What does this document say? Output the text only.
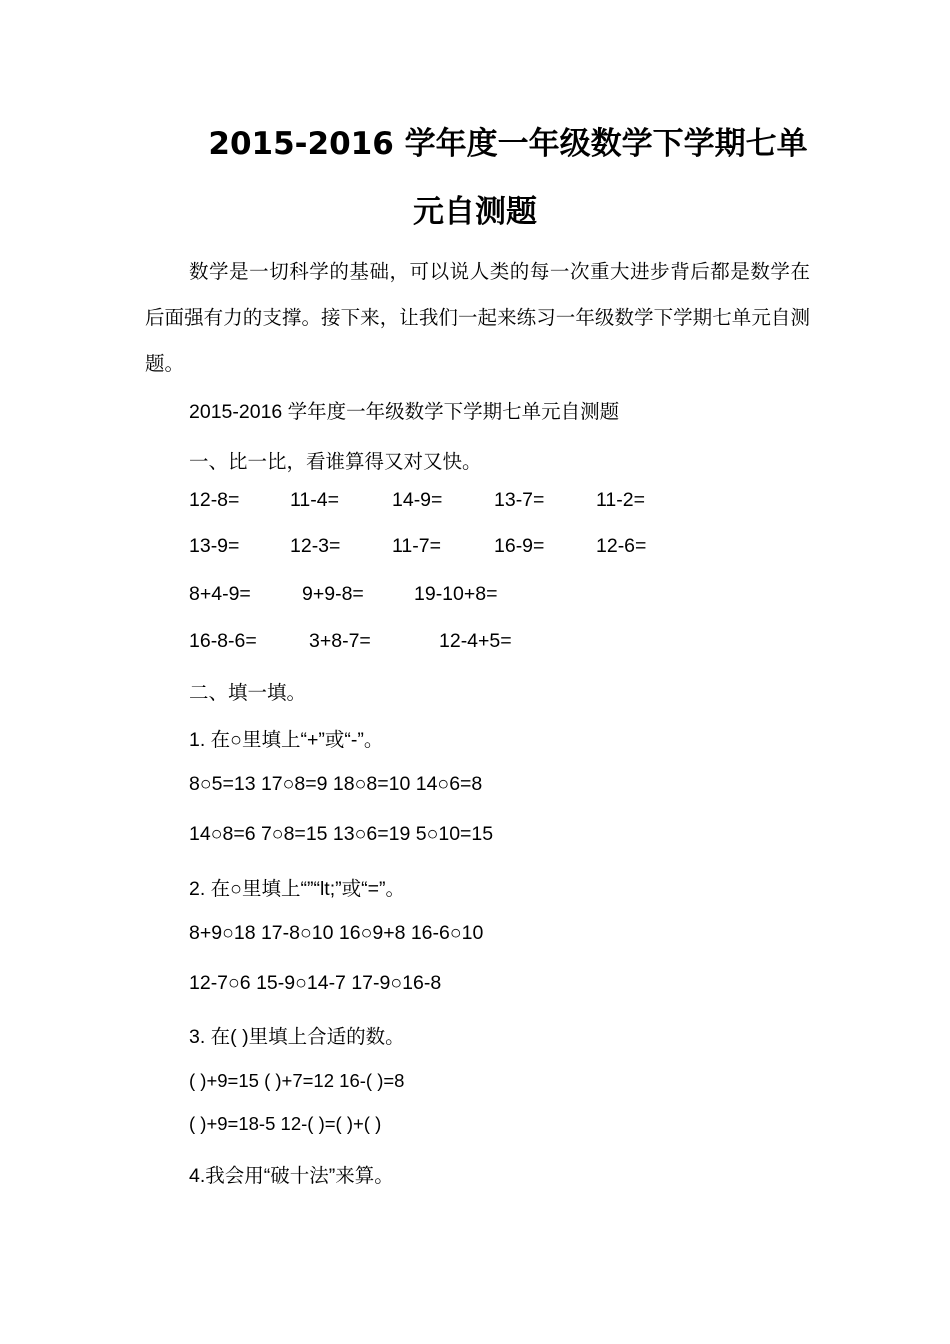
2015-2016 学年度一年级数学下学期七单
元自测题

数学是一切科学的基础，可以说人类的每一次重大进步背后都是数学在后面强有力的支撑。接下来，让我们一起来练习一年级数学下学期七单元自测题。

2015-2016 学年度一年级数学下学期七单元自测题
一、比一比，看谁算得又对又快。
12-8=	11-4=	14-9=	13-7=	11-2=
13-9=	12-3=	11-7=	16-9=	12-6=
8+4-9=	9+9-8=	19-10+8=
16-8-6=	3+8-7=	12-4+5=
二、填一填。
1. 在○里填上“+”或“-”。
8○5=13 17○8=9 18○8=10 14○6=8
14○8=6 7○8=15 13○6=19 5○10=15
2. 在○里填上“”“lt;”或“=”。
8+9○18 17-8○10 16○9+8 16-6○10
12-7○6 15-9○14-7 17-9○16-8
3. 在( )里填上合适的数。
( )+9=15 ( )+7=12 16-( )=8
( )+9=18-5 12-( )=( )+( )
4.我会用“破十法”来算。
